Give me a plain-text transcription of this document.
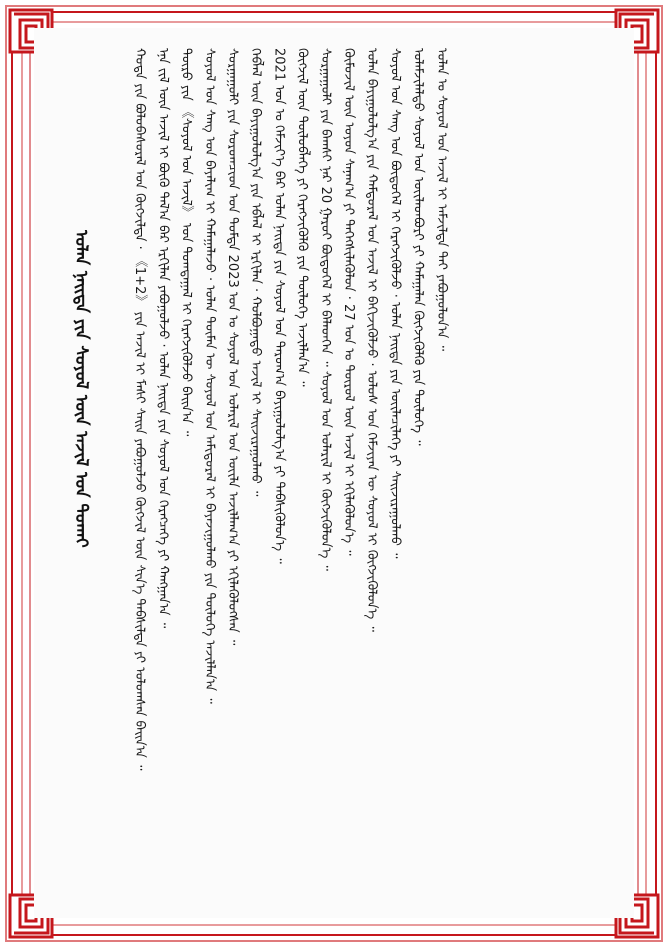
ᠣᠯᠠᠨ ᠨᠡᠢᠲᠡ ᠶᠢᠨ ᠰᠣᠶᠣᠯ ᠦᠨ ᠠᠵᠢᠯ ᠤᠨ ᠲᠤᠬᠠᠢ
ᠬᠣᠲᠠ ᠶᠢᠨ ᠪᠣᠯᠤᠪᠠᠰᠤᠷᠠᠯ ᠤᠨ ᠬᠥᠭᠵᠢᠯᠲᠡ · 《1+2》 ᠶᠢᠨ ᠠᠵᠢᠯ ᠢ ᠮᠠᠰᠢ ᠰᠠᠢᠨ ᠶᠠᠪᠤᠭᠤᠯᠵᠤ ᠬᠥᠭᠵᠢᠯ ᠦᠨ ᠱᠢᠨ᠎ᠡ ᠳᠡᠪᠰᠢᠯᠲᠡ ᠶᠢ ᠣᠯᠤᠭᠰᠠᠨ ᠪᠠᠢᠨ᠎ᠠ ᠃
ᠡᠨᠡ ᠵᠢᠯ ᠦᠨ ᠠᠵᠢᠯ ᠢ ᠪᠦᠬᠦ ᠲᠠᠯ᠎ᠠ ᠪᠠᠷ ᠡᠷᠬᠢᠯᠡᠨ ᠶᠠᠪᠤᠭᠤᠯᠵᠤ · ᠣᠯᠠᠨ ᠨᠡᠢᠲᠡ ᠶᠢᠨ ᠰᠣᠶᠣᠯ ᠤᠨ ᠬᠡᠷᠡᠭᠴᠡᠭᠡ ᠶᠢ ᠬᠠᠩᠭᠠᠨ᠎ᠠ ᠃
ᠲᠥᠷᠥ ᠶᠢᠨ 《ᠰᠣᠶᠣᠯ ᠤᠨ ᠠᠵᠢᠯ》 ᠤᠨ ᠲᠣᠭᠲᠠᠭᠠᠯ ᠢ ᠬᠡᠷᠡᠭᠵᠢᠭᠦᠯᠵᠦ ᠪᠠᠢᠨ᠎ᠠ ᠃
ᠰᠣᠶᠣᠯ ᠤᠨ ᠰᠠᠩ ᠤᠨ ᠪᠠᠶᠠᠯᠢᠭ ᠢ ᠬᠠᠮᠠᠭᠠᠯᠠᠵᠤ · ᠣᠯᠠᠨ ᠲᠥᠮᠡᠨ ᠦ ᠰᠣᠶᠣᠯ ᠤᠨ ᠠᠮᠢᠳᠤᠷᠠᠯ ᠢ ᠪᠠᠶᠠᠵᠢᠭᠤᠯᠬᠤ ᠶᠢᠨ ᠲᠥᠯᠥᠭᠡ ᠠᠵᠢᠯᠯᠠᠨ᠎ᠠ ᠃
ᠰᠤᠷᠭᠠᠭᠤᠯᠢ ᠶᠢᠨ ᠰᠤᠷᠤᠭᠴᠢᠳ ᠤᠨ ᠳᠤᠮᠳᠠ 2023 ᠣᠨ ᠤ ᠰᠣᠶᠣᠯ ᠤᠨ ᠤᠯᠠᠷᠢᠯ ᠤᠨ ᠦᠢᠯᠡ ᠠᠵᠢᠯᠯᠠᠭ᠎ᠠ ᠶᠢ ᠡᠬᠢᠯᠡᠭᠦᠯᠦᠭᠰᠡᠨ ᠃
ᠬᠡᠪᠯᠡᠯ ᠦᠨ ᠪᠠᠶᠢᠭᠤᠯᠤᠯᠭ᠎ᠠ ᠶᠢᠨ ᠡᠪᠯᠡᠯ ᠢ ᠡᠷᠬᠢᠯᠡᠨ · ᠬᠣᠯᠪᠣᠭᠠᠲᠤ ᠠᠵᠢᠯ ᠢ ᠰᠠᠢᠵᠢᠷᠠᠭᠤᠯᠬᠤ ᠃
2021 ᠣᠨ ᠤ ᠬᠡᠮᠵᠢᠶ᠎ᠡ ᠪᠡᠷ ᠣᠯᠠᠨ ᠨᠡᠢᠲᠡ ᠶᠢᠨ ᠰᠣᠶᠣᠯ ᠤᠨ ᠳᠠᠷᠤᠭ᠎ᠠ ᠪᠠᠶᠢᠭᠤᠯᠤᠯᠭ᠎ᠠ ᠶᠢ ᠳᠡᠪᠰᠢᠭᠦᠯᠦᠨ᠎ᠡ ᠃
ᠬᠥᠭᠵᠢᠯ ᠦᠨ ᠲᠥᠯᠥᠪᠯᠡᠭᠡ ᠶᠢ ᠬᠡᠷᠡᠭᠵᠢᠭᠦᠯᠬᠦ ᠶᠢᠨ ᠲᠥᠯᠥᠭᠡ ᠠᠵᠢᠯᠯᠠᠨ᠎ᠠ ᠃
ᠰᠤᠷᠭᠠᠭᠤᠯᠢ ᠶᠢᠨ ᠪᠠᠭᠰᠢ ᠨᠠᠷ 20 ᠭᠠᠷᠤᠢ ᠪᠦᠲᠦᠭᠡᠯ ᠢ ᠪᠡᠯᠡᠳᠬᠡᠨ ᠃ ᠰᠣᠶᠣᠯ ᠤᠨ ᠤᠯᠠᠷᠢᠯ ᠢ ᠬᠥᠭᠵᠢᠭᠦᠯᠦᠨ᠎ᠡ ᠃
ᠬᠦᠮᠦᠵᠢᠯ ᠦᠨ ᠣᠶᠤᠨ ᠰᠠᠨᠠᠭ᠎ᠠ ᠶᠢ ᠳᠡᠭᠡᠭᠰᠢᠯᠡᠭᠦᠯᠦᠨ · 27 ᠣᠨ ᠤ ᠲᠦᠷᠦᠯ ᠦᠨ ᠠᠵᠢᠯ ᠢ ᠡᠬᠢᠯᠡᠭᠦᠯᠦᠨ᠎ᠡ ᠃
ᠣᠯᠠᠨ ᠪᠠᠶᠢᠭᠤᠯᠤᠯᠭ᠎ᠠ ᠶᠢᠨ ᠬᠠᠮᠲᠤᠷᠠᠯ ᠤᠨ ᠠᠵᠢᠯ ᠢ ᠪᠡᠬᠢᠵᠢᠭᠦᠯᠵᠦ · ᠤᠯᠤᠰ ᠤᠨ ᠬᠡᠮᠵᠢᠶᠡᠨ ᠦ ᠰᠣᠶᠣᠯ ᠢ ᠬᠥᠭᠵᠢᠭᠦᠯᠦᠨ᠎ᠡ ᠃
ᠰᠣᠶᠣᠯ ᠤᠨ ᠰᠠᠩ ᠤᠨ ᠪᠦᠲᠦᠭᠡᠯ ᠢ ᠬᠡᠷᠡᠭᠵᠢᠭᠦᠯᠵᠦ · ᠣᠯᠠᠨ ᠨᠡᠢᠲᠡ ᠶᠢᠨ ᠦᠢᠯᠡᠴᠢᠯᠡᠭᠡ ᠶᠢ ᠰᠠᠢᠵᠢᠷᠠᠭᠤᠯᠬᠤ ᠃
ᠤᠯᠠᠮᠵᠢᠯᠠᠯᠲᠤ ᠰᠣᠶᠣᠯ ᠤᠨ ᠦᠢᠯᠡᠳᠪᠦᠷᠢ ᠶᠢ ᠬᠠᠮᠠᠭᠠᠯᠠᠨ ᠬᠥᠭᠵᠢᠭᠦᠯᠬᠦ ᠶᠢᠨ ᠲᠥᠯᠥᠭᠡ ᠃
ᠣᠯᠠᠨ ᠤ ᠰᠣᠶᠣᠯ ᠤᠨ ᠠᠵᠢᠯ ᠢ ᠠᠮᠵᠢᠯᠲᠠ ᠲᠠᠢ ᠶᠠᠪᠤᠭᠤᠯᠤᠨ᠎ᠠ ᠃
